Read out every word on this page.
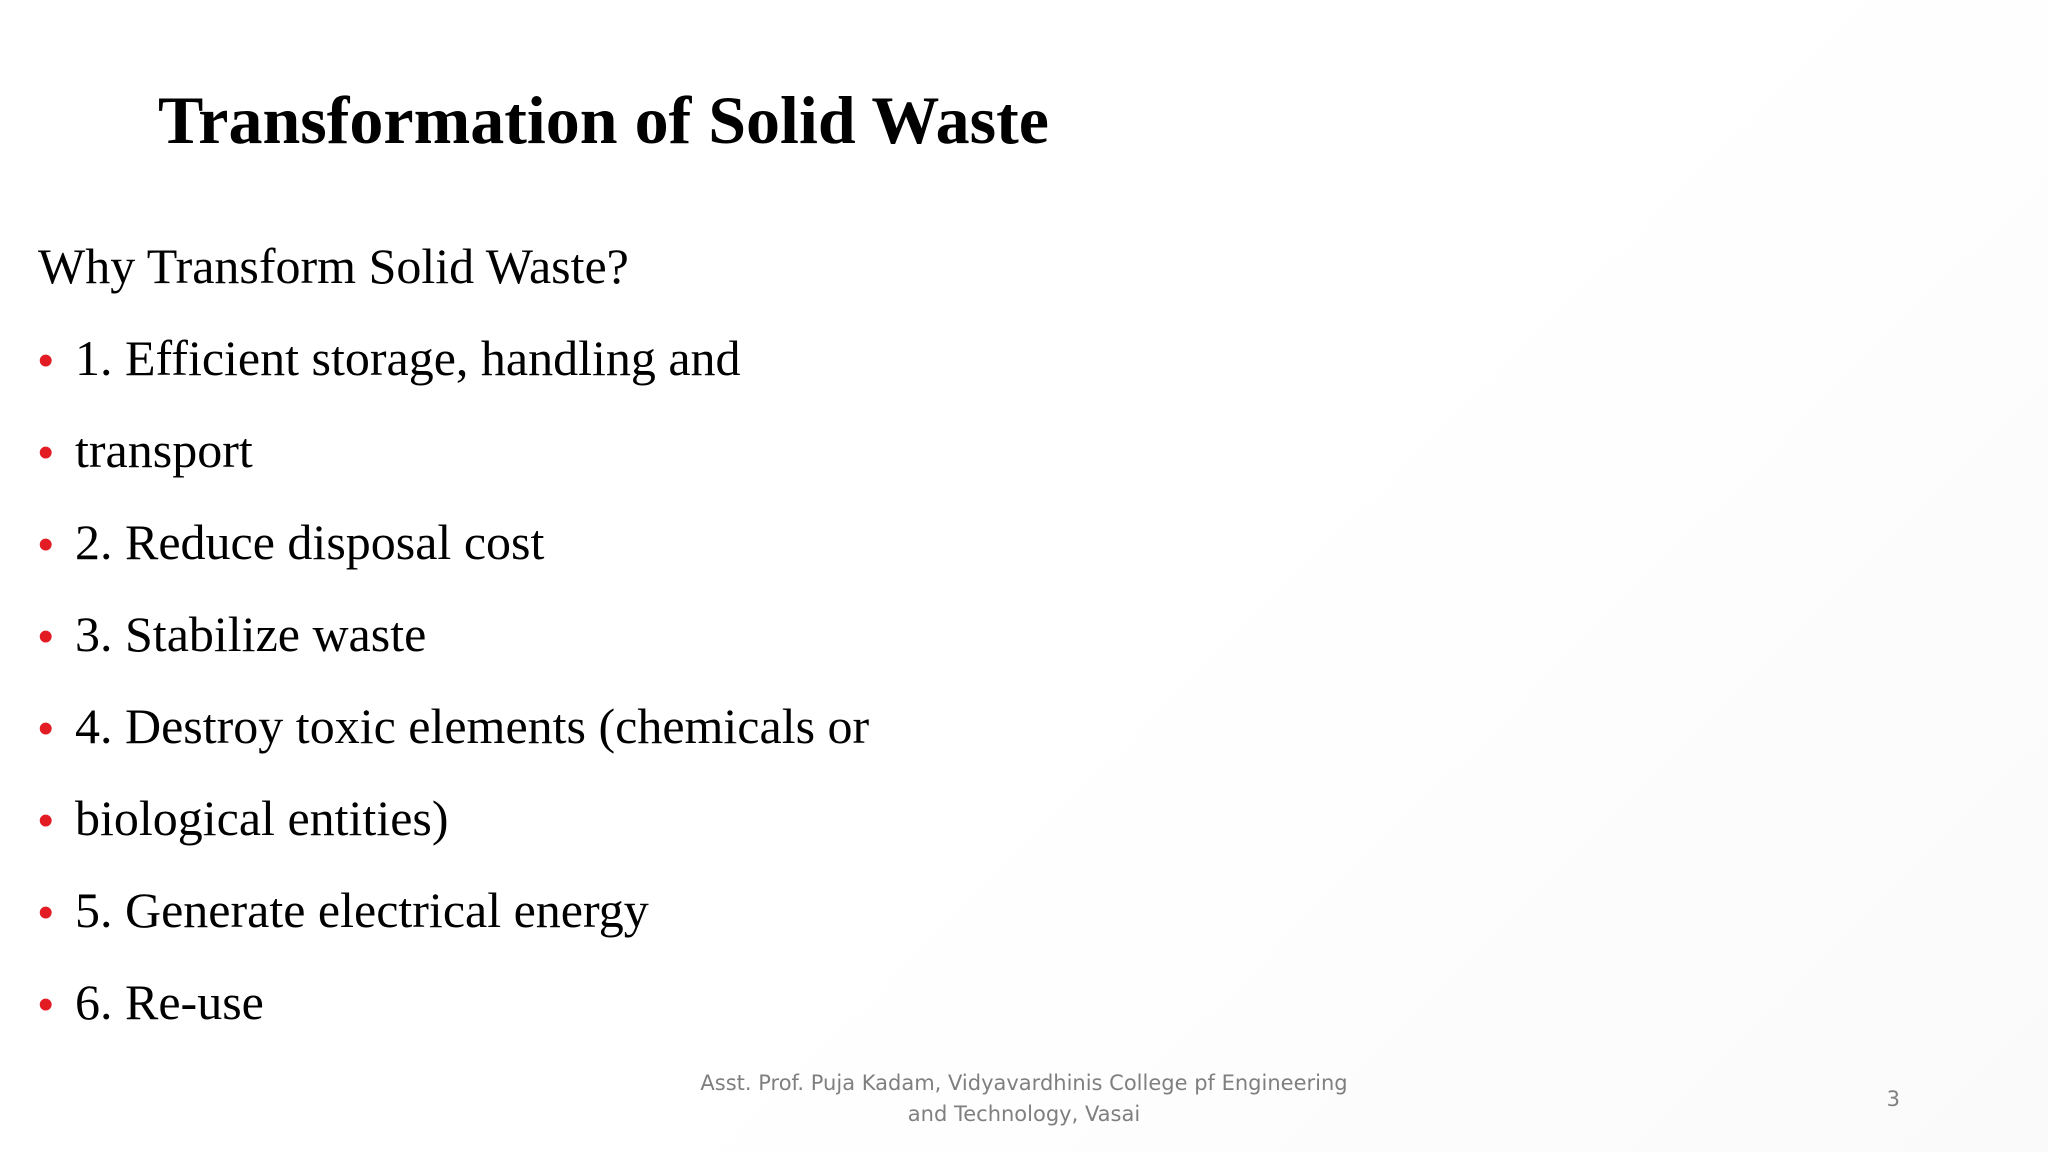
Transformation of Solid Waste
Why Transform Solid Waste?
• 1. Efficient storage, handling and
• transport
• 2. Reduce disposal cost
• 3. Stabilize waste
• 4. Destroy toxic elements (chemicals or
• biological entities)
• 5. Generate electrical energy
• 6. Re-use
Asst. Prof. Puja Kadam, Vidyavardhinis College pf Engineering
and Technology, Vasai
3
